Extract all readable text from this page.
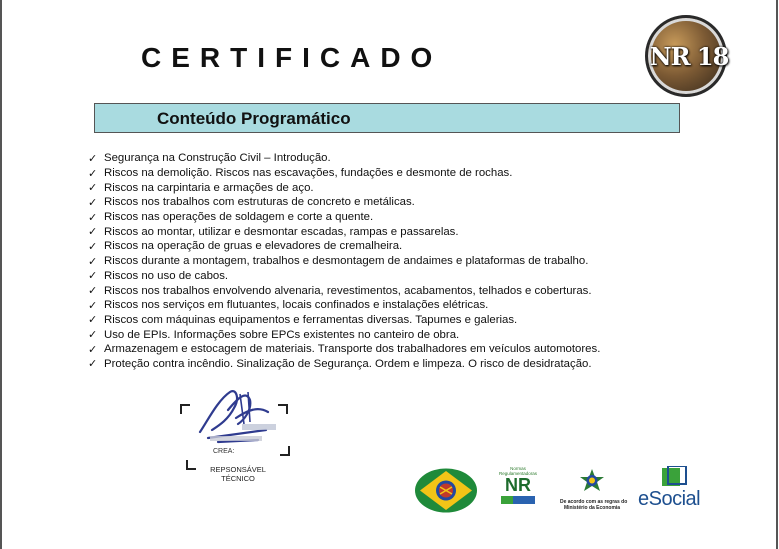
CERTIFICADO	NR 18
Conteúdo Programático
✓ Segurança na Construção Civil – Introdução.
✓ Riscos na demolição. Riscos nas escavações, fundações e desmonte de rochas.
✓ Riscos na carpintaria e armações de aço.
✓ Riscos nos trabalhos com estruturas de concreto e metálicas.
✓ Riscos nas operações de soldagem e corte a quente.
✓ Riscos ao montar, utilizar e desmontar escadas, rampas e passarelas.
✓ Riscos na operação de gruas e elevadores de cremalheira.
✓ Riscos durante a montagem, trabalhos e desmontagem de andaimes e plataformas de trabalho.
✓ Riscos no uso de cabos.
✓ Riscos nos trabalhos envolvendo alvenaria, revestimentos, acabamentos, telhados e coberturas.
✓ Riscos nos serviços em flutuantes, locais confinados e instalações elétricas.
✓ Riscos com máquinas equipamentos e ferramentas diversas. Tapumes e galerias.
✓ Uso de EPIs. Informações sobre EPCs existentes no canteiro de obra.
✓ Armazenagem e estocagem de materiais. Transporte dos trabalhadores em veículos automotores.
✓ Proteção contra incêndio. Sinalização de Segurança. Ordem e limpeza. O risco de desidratação.
CREA:
REPSONSÁVEL
TÉCNICO
Normas Regulamentadoras
NR
De acordo com as regras do
Ministério da Economia eSocial
